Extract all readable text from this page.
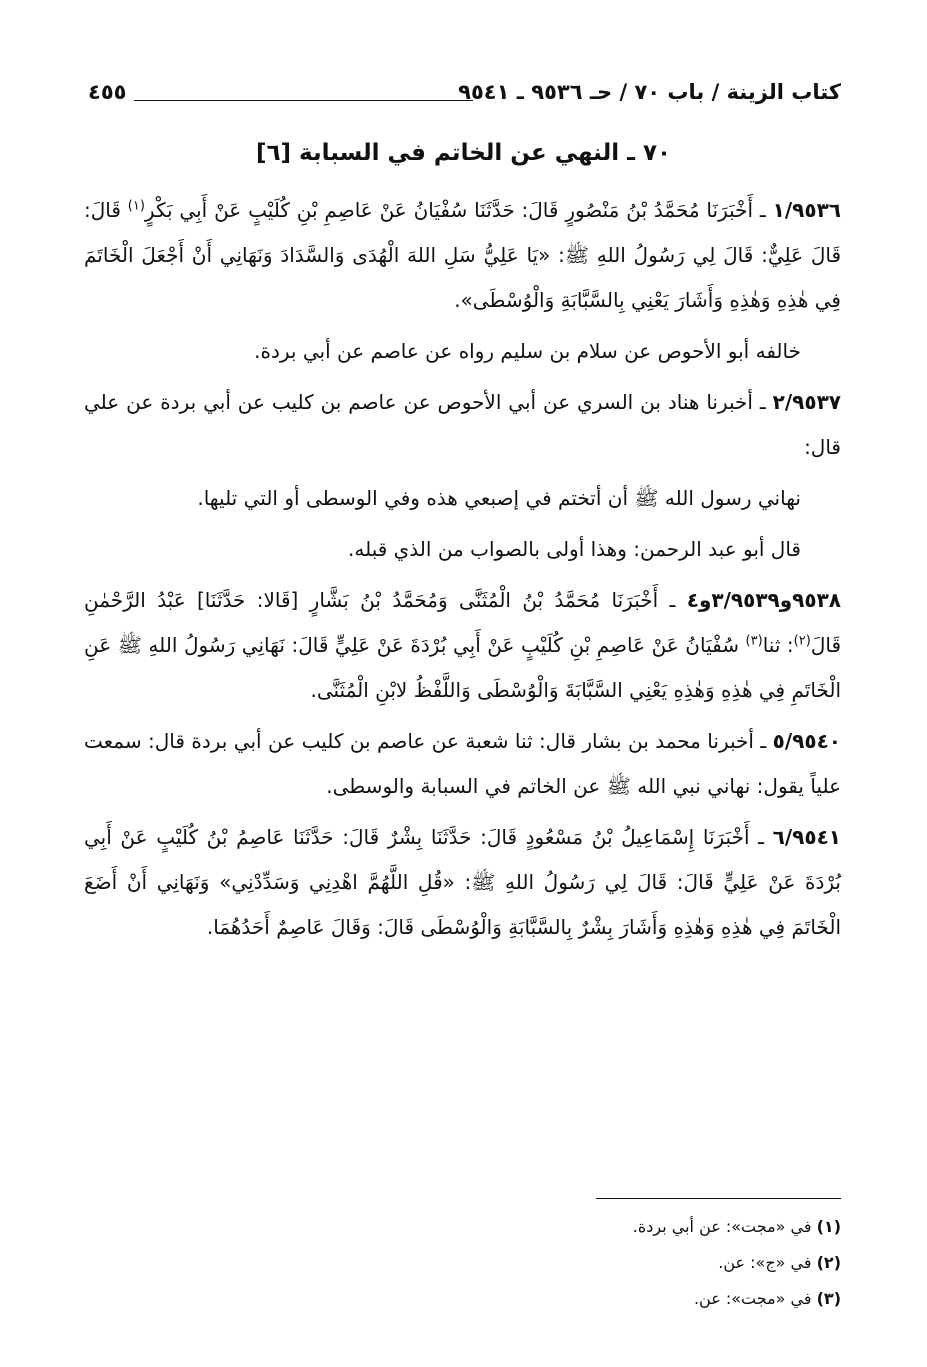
كتاب الزينة / باب ٧٠ / حـ ٩٥٣٦ ـ ٩٥٤١
٤٥٥
٧٠ ـ النهي عن الخاتم في السبابة [٦]

١/٩٥٣٦ ـ أَخْبَرَنَا مُحَمَّدُ بْنُ مَنْصُورٍ قَالَ: حَدَّثَنَا سُفْيَانُ عَنْ عَاصِمِ بْنِ كُلَيْبٍ عَنْ أَبِي بَكْرٍ$^{(١)}$ قَالَ: قَالَ عَلِيٌّ: قَالَ لِي رَسُولُ اللهِ ﷺ: «يَا عَلِيُّ سَلِ اللهَ الْهُدَى وَالسَّدَادَ وَنَهَانِي أَنْ أَجْعَلَ الْخَاتَمَ فِي هٰذِهِ وَهٰذِهِ وَأَشَارَ يَعْنِي بِالسَّبَّابَةِ وَالْوُسْطَى».

خالفه أبو الأحوص عن سلام بن سليم رواه عن عاصم عن أبي بردة.

٢/٩٥٣٧ ـ أخبرنا هناد بن السري عن أبي الأحوص عن عاصم بن كليب عن أبي بردة عن علي قال:

نهاني رسول الله ﷺ أن أتختم في إصبعي هذه وفي الوسطى أو التي تليها.

قال أبو عبد الرحمن: وهذا أولى بالصواب من الذي قبله.

٩٥٣٨و٣/٩٥٣٩و٤ ـ أَخْبَرَنَا مُحَمَّدُ بْنُ الْمُثَنَّى وَمُحَمَّدُ بْنُ بَشَّارٍ [قَالا: حَدَّثَنَا] عَبْدُ الرَّحْمٰنِ قَالَ$^{(٢)}$: ثنا$^{(٣)}$ سُفْيَانُ عَنْ عَاصِمِ بْنِ كُلَيْبٍ عَنْ أَبِي بُرْدَةَ عَنْ عَلِيٍّ قَالَ: نَهَانِي رَسُولُ اللهِ ﷺ عَنِ الْخَاتَمِ فِي هٰذِهِ وَهٰذِهِ يَعْنِي السَّبَّابَةَ وَالْوُسْطَى وَاللَّفْظُ لابْنِ الْمُثَنَّى.

٥/٩٥٤٠ ـ أخبرنا محمد بن بشار قال: ثنا شعبة عن عاصم بن كليب عن أبي بردة قال: سمعت علياً يقول: نهاني نبي الله ﷺ عن الخاتم في السبابة والوسطى.

٦/٩٥٤١ ـ أَخْبَرَنَا إِسْمَاعِيلُ بْنُ مَسْعُودٍ قَالَ: حَدَّثَنَا بِشْرٌ قَالَ: حَدَّثَنَا عَاصِمُ بْنُ كُلَيْبٍ عَنْ أَبِي بُرْدَةَ عَنْ عَلِيٍّ قَالَ: قَالَ لِي رَسُولُ اللهِ ﷺ: «قُلِ اللَّهُمَّ اهْدِنِي وَسَدِّدْنِي» وَنَهَانِي أَنْ أَضَعَ الْخَاتَمَ فِي هٰذِهِ وَهٰذِهِ وَأَشَارَ بِشْرٌ بِالسَّبَّابَةِ وَالْوُسْطَى قَالَ: وَقَالَ عَاصِمٌ أَحَدُهُمَا.

(١) في «مجت»: عن أبي بردة.

(٢) في «ج»: عن.

(٣) في «مجت»: عن.
